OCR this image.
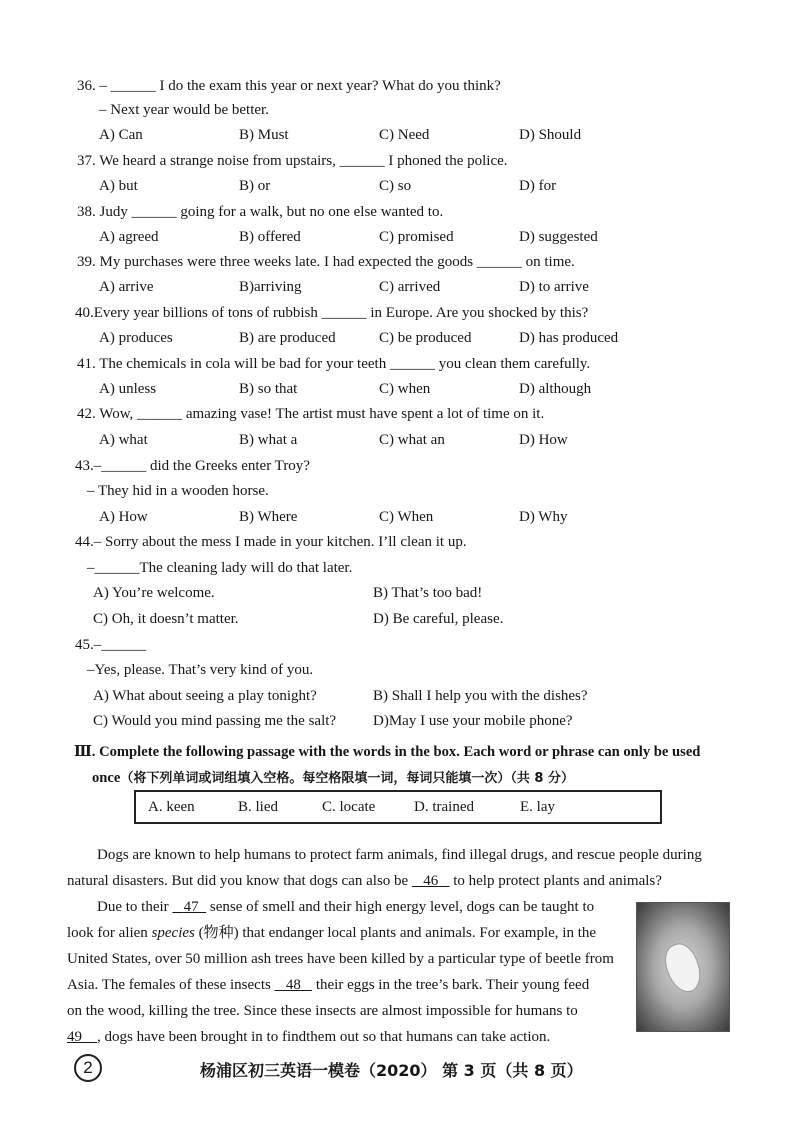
36. – ______ I do the exam this year or next year? What do you think?
– Next year would be better.
A) Can	B) Must	C) Need	D) Should
37. We heard a strange noise from upstairs, ______ I phoned the police.
A) but	B) or	C) so	D) for
38. Judy ______ going for a walk, but no one else wanted to.
A) agreed	B) offered	C) promised	D) suggested
39. My purchases were three weeks late. I had expected the goods ______ on time.
A) arrive	B)arriving	C) arrived	D) to arrive
40.Every year billions of tons of rubbish ______ in Europe. Are you shocked by this?
A) produces	B) are produced	C) be produced	D) has produced
41. The chemicals in cola will be bad for your teeth ______ you clean them carefully.
A) unless	B) so that	C) when	D) although
42. Wow, ______ amazing vase! The artist must have spent a lot of time on it.
A) what	B) what a	C) what an	D) How
43.–______ did the Greeks enter Troy?
– They hid in a wooden horse.
A) How	B) Where	C) When	D) Why
44.– Sorry about the mess I made in your kitchen. I’ll clean it up.
–______The cleaning lady will do that later.
A) You’re welcome.	B) That’s too bad!
C) Oh, it doesn’t matter.	D) Be careful, please.
45.–______
–Yes, please. That’s very kind of you.
A) What about seeing a play tonight?	B) Shall I help you with the dishes?
C) Would you mind passing me the salt? D)May I use your mobile phone?
Ⅲ. Complete the following passage with the words in the box. Each word or phrase can only be used
once（将下列单词或词组填入空格。每空格限填一词，每词只能填一次）（共 8 分）
A. keen	B. lied	C. locate	D. trained	E. lay
Dogs are known to help humans to protect farm animals, find illegal drugs, and rescue people during
natural disasters. But did you know that dogs can also be 46 to help protect plants and animals?
Due to their 47 sense of smell and their high energy level, dogs can be taught to
look for alien species (物种) that endanger local plants and animals. For example, in the
United States, over 50 million ash trees have been killed by a particular type of beetle from
Asia. The females of these insects 48 their eggs in the tree’s bark. Their young feed
on the wood, killing the tree. Since these insects are almost impossible for humans to
49 , dogs have been brought in to findthem out so that humans can take action.
2	杨浦区初三英语一模卷（2020） 第 3 页（共 8 页）
